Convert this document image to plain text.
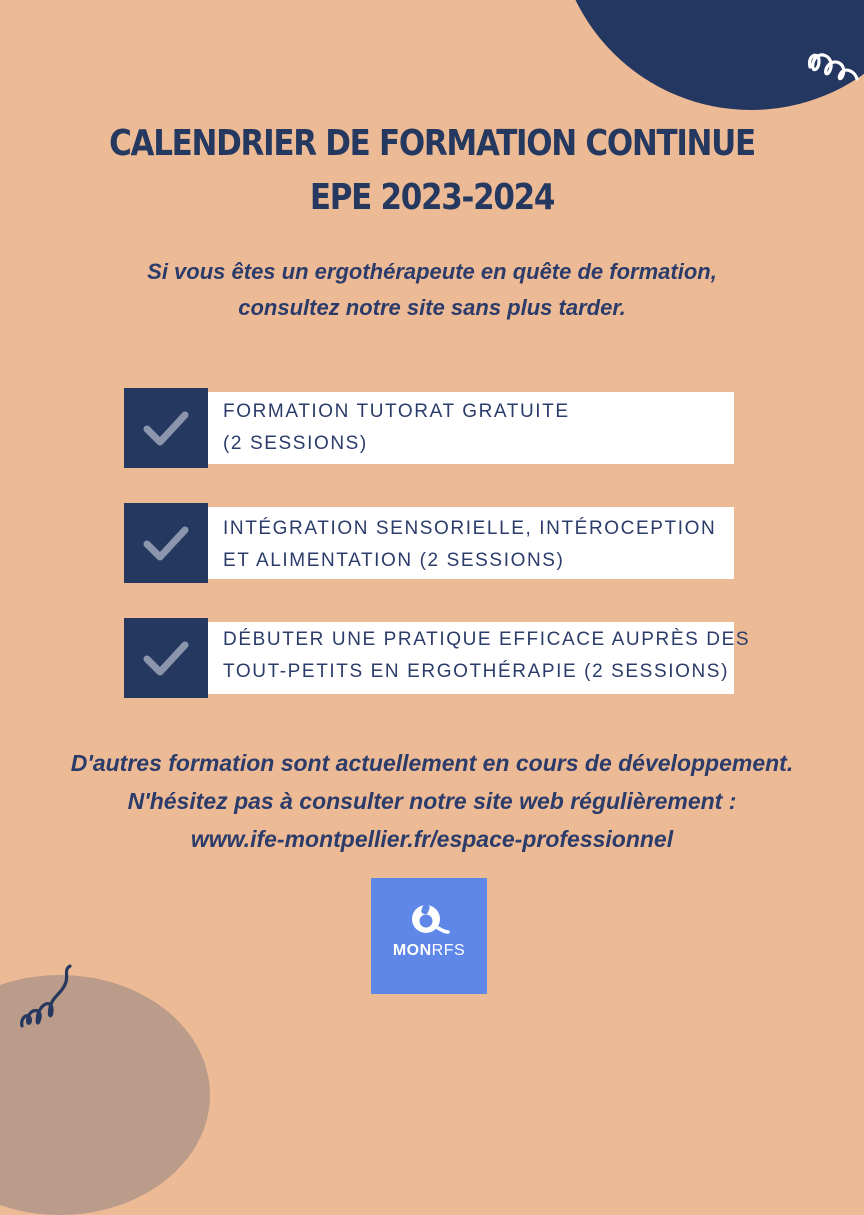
CALENDRIER DE FORMATION CONTINUE
EPE 2023-2024
Si vous êtes un ergothérapeute en quête de formation,
consultez notre site sans plus tarder.
FORMATION TUTORAT GRATUITE
(2 SESSIONS)
INTÉGRATION SENSORIELLE, INTÉROCEPTION
ET ALIMENTATION (2 SESSIONS)
DÉBUTER UNE PRATIQUE EFFICACE AUPRÈS DES
TOUT-PETITS EN ERGOTHÉRAPIE (2 SESSIONS)
D'autres formation sont actuellement en cours de développement.
N'hésitez pas à consulter notre site web régulièrement :
www.ife-montpellier.fr/espace-professionnel
MONRFS
